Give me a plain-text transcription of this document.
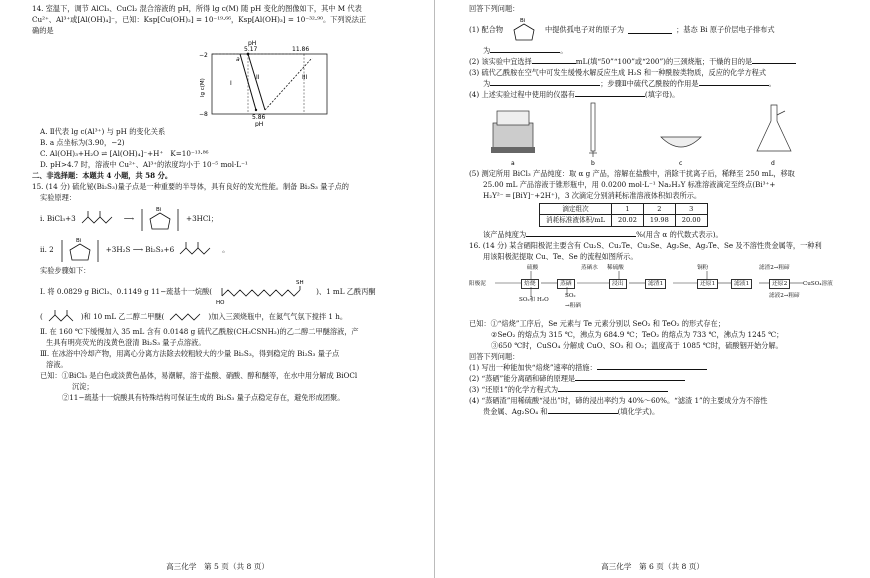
14. 室温下，调节 AlCl₃、CuCl₂ 混合溶液的 pH，所得 lg c(M) 随 pH 变化的图像如下，其中 M 代表

Cu²⁺、Al³⁺或[Al(OH)₄]⁻，已知：Ksp[Cu(OH)₂] = 10⁻¹⁹·⁶⁶，Ksp[Al(OH)₃] = 10⁻³²·⁹⁰。下列说法正

确的是

pH
5.17	11.86
−2
−8
lg c(M)
a
I
II	III
5.86
pH

A. Ⅱ代表 lg c(Al³⁺) 与 pH 的变化关系

B. a 点坐标为(3.90，−2)

C. Al(OH)₃+H₂O ⇌ [Al(OH)₄]⁻+H⁺　K=10⁻¹³·⁸⁶

D. pH>4.7 时，溶液中 Cu²⁺、Al³⁺的浓度均小于 10⁻⁵ mol·L⁻¹

二、非选择题：本题共 4 小题，共 58 分。

15. (14 分) 硫化铋(Bi₂S₃)量子点是一种重要的半导体，具有良好的发光性能。制备 Bi₂S₃ 量子点的

实验原理：

i. BiCl₃+3	⟶
Bi
+3HCl；
ii. 2
Bi
+3H₂S ⟶ Bi₂S₃+6	。

实验步骤如下：

Ⅰ. 将 0.0829 g BiCl₃、0.1149 g 11−巯基十一烷酸(
SH
HO
)、1 mL 乙酰丙酮
(	)和 10 mL 乙二醇二甲醚(	)加入三颈烧瓶中，在氮气气氛下搅拌 1 h。

Ⅱ. 在 160 ℃下缓慢加入 35 mL 含有 0.0148 g 硫代乙酰胺(CH₃CSNH₂)的乙二醇二甲醚溶液，产

生具有明亮荧光的浅黄色澄清 Bi₂S₃ 量子点溶液。

Ⅲ. 在冰浴中冷却产物，用离心分离方法除去较粗较大的少量 Bi₂S₃，得到稳定的 Bi₂S₃ 量子点

溶液。

已知：①BiCl₃ 是白色或淡黄色晶体，易潮解，溶于盐酸、硝酸、醇和醚等，在水中用分解成 BiOCl

沉淀；

②11−巯基十一烷酸具有特殊结构可保证生成的 Bi₂S₃ 量子点稳定存在，避免形成团聚。

高三化学　第 5 页（共 8 页）

回答下列问题：

(1) 配合物
Bi
中提供孤电子对的原子为	；基态 Bi 原子价层电子排布式

为	。

(2) 该实验中宜选择	mL(填“50”“100”或“200”)的三颈烧瓶；干燥的目的是

(3) 硫代乙酰胺在空气中可发生缓慢水解反应生成 H₂S 和一种酰胺类物质，反应的化学方程式

为	；步骤Ⅱ中硫代乙酰胺的作用是	。

(4) 上述实验过程中使用的仪器有	(填字母)。

a	b	c	d

(5) 测定所用 BiCl₃ 产品纯度：取 α g 产品，溶解在盐酸中，消除干扰离子后，稀释至 250 mL，移取

25.00 mL 产品溶液于锥形瓶中，用 0.0200 mol·L⁻¹ Na₂H₂Y 标准溶液滴定至终点(Bi³⁺+

H₂Y²⁻ ═ [BiY]⁻+2H⁺)，3 次滴定分别消耗标准溶液体积如表所示。

滴定组次	1	2	3
消耗标准液体积/mL	20.02	19.98	20.00

该产品纯度为	%(用含 α 的代数式表示)。

16. (14 分) 某含硒阳极泥主要含有 Cu₂S、Cu₂Te、Cu₂Se、Ag₂Se、Ag₂Te、Se 及不溶性贵金属等，一种利

用该阳极泥提取 Cu、Te、Se 的流程如图所示。

硫酸	蒸硒水 稀硫酸	铜粉	滤渣2→粗碲
阳极泥	焙烧	蒸硒	浸出	滤渣1	还原1	滤液1	还原2	CuSO₄溶液
SO₂和 H₂O
SO₂
→粗硒
滤液2→粗碲

已知：①“焙烧”工序后，Se 元素与 Te 元素分别以 SeO₂ 和 TeO₂ 的形式存在；

②SeO₂ 的熔点为 315 ℃，沸点为 684.9 ℃；TeO₂ 的熔点为 733 ℃，沸点为 1245 ℃；

③650 ℃时，CuSO₄ 分解成 CuO、SO₃ 和 O₂；温度高于 1085 ℃时，硫酸铟开始分解。

回答下列问题：

(1) 写出一种能加快“焙烧”速率的措施：

(2) “蒸硒”能分离硒和碲的原理是

(3) “还原1”的化学方程式为

(4) “蒸硒渣”用稀硫酸“浸出”时，碲的浸出率约为 40%～60%。“滤渣 1”的主要成分为不溶性

贵金属、Ag₂SO₄ 和	(填化学式)。

高三化学　第 6 页（共 8 页）
